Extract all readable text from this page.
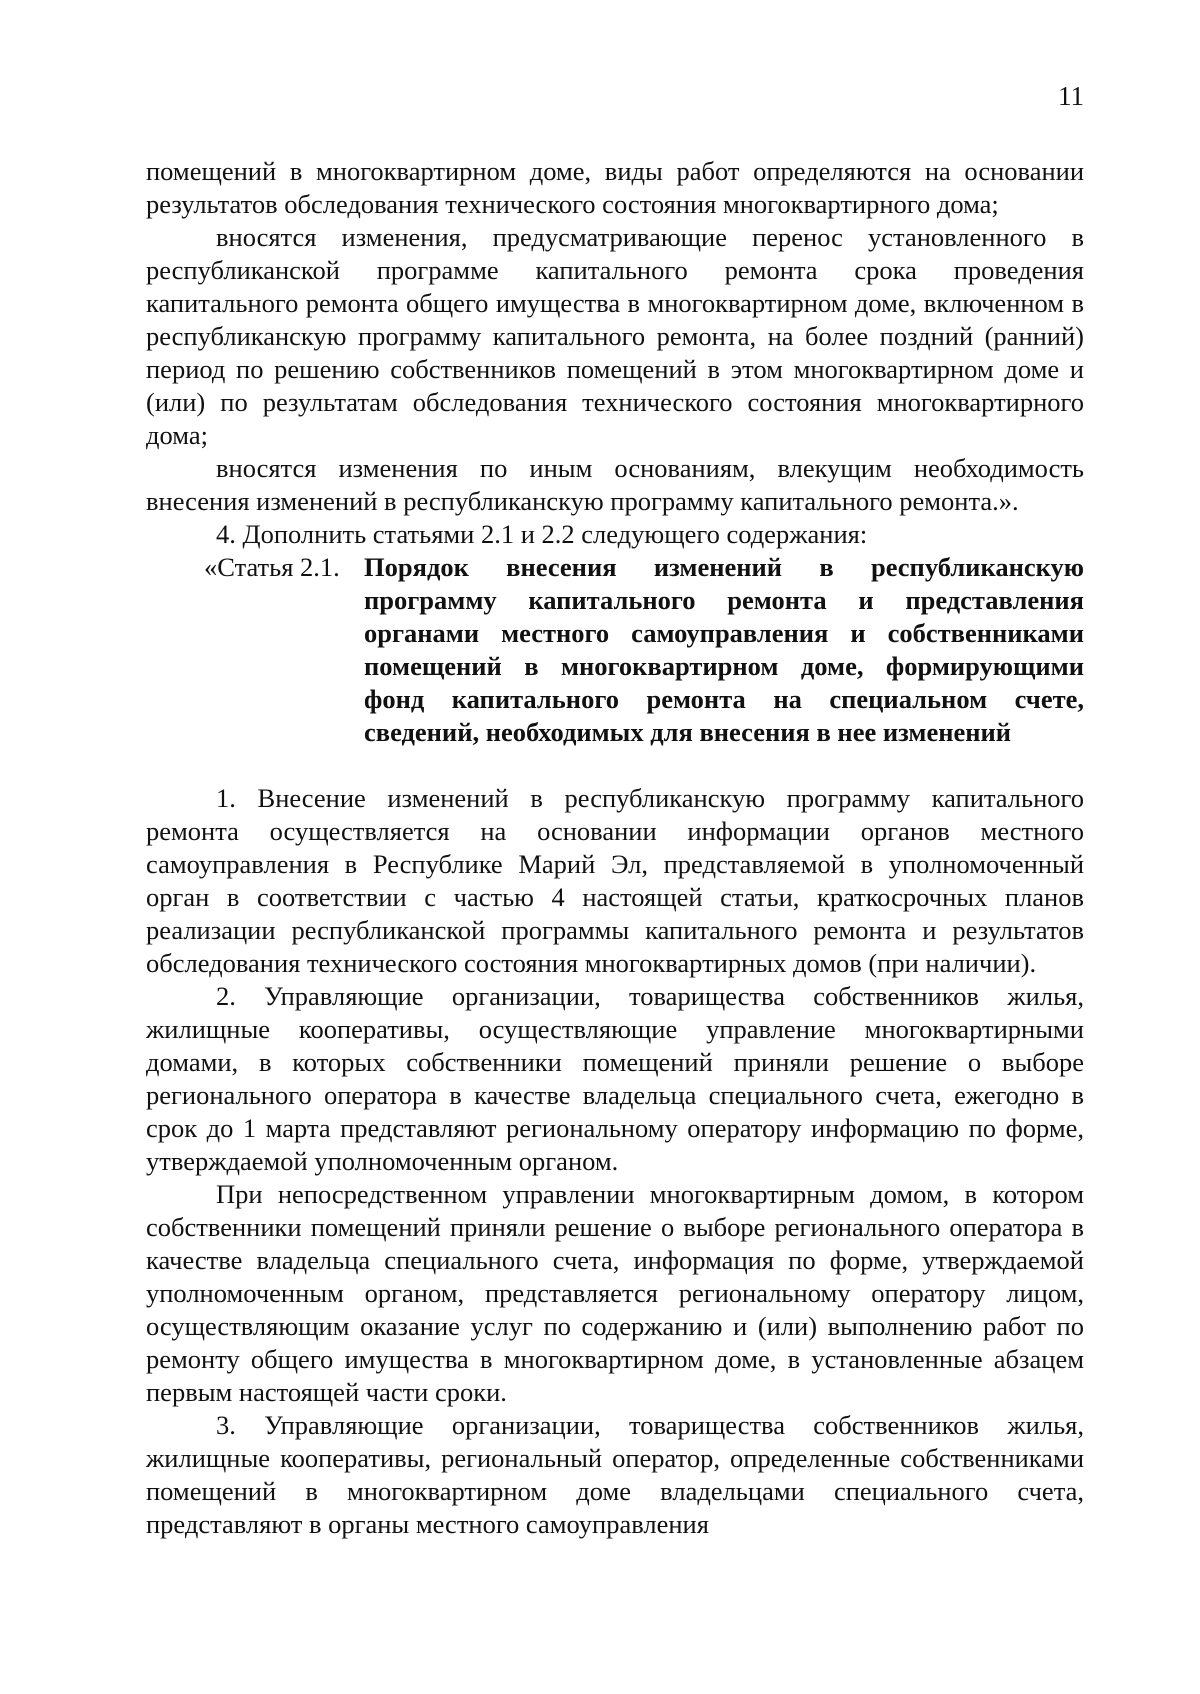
11

помещений в многоквартирном доме, виды работ определяются на основании результатов обследования технического состояния многоквартирного дома;

вносятся изменения, предусматривающие перенос установленного в республиканской программе капитального ремонта срока проведения капитального ремонта общего имущества в многоквартирном доме, включенном в республиканскую программу капитального ремонта, на более поздний (ранний) период по решению собственников помещений в этом многоквартирном доме и (или) по результатам обследования технического состояния многоквартирного дома;

вносятся изменения по иным основаниям, влекущим необходимость внесения изменений в республиканскую программу капитального ремонта.».

4. Дополнить статьями 2.1 и 2.2 следующего содержания:

«Статья 2.1. Порядок внесения изменений в республиканскую программу капитального ремонта и представления органами местного самоуправления и собственниками помещений в многоквартирном доме, формирующими фонд капитального ремонта на специальном счете, сведений, необходимых для внесения в нее изменений

1. Внесение изменений в республиканскую программу капитального ремонта осуществляется на основании информации органов местного самоуправления в Республике Марий Эл, представляемой в уполномоченный орган в соответствии с частью 4 настоящей статьи, краткосрочных планов реализации республиканской программы капитального ремонта и результатов обследования технического состояния многоквартирных домов (при наличии).

2. Управляющие организации, товарищества собственников жилья, жилищные кооперативы, осуществляющие управление многоквартирными домами, в которых собственники помещений приняли решение о выборе регионального оператора в качестве владельца специального счета, ежегодно в срок до 1 марта представляют региональному оператору информацию по форме, утверждаемой уполномоченным органом.

При непосредственном управлении многоквартирным домом, в котором собственники помещений приняли решение о выборе регионального оператора в качестве владельца специального счета, информация по форме, утверждаемой уполномоченным органом, представляется региональному оператору лицом, осуществляющим оказание услуг по содержанию и (или) выполнению работ по ремонту общего имущества в многоквартирном доме, в установленные абзацем первым настоящей части сроки.

3. Управляющие организации, товарищества собственников жилья, жилищные кооперативы, региональный оператор, определенные собственниками помещений в многоквартирном доме владельцами специального счета, представляют в органы местного самоуправления
